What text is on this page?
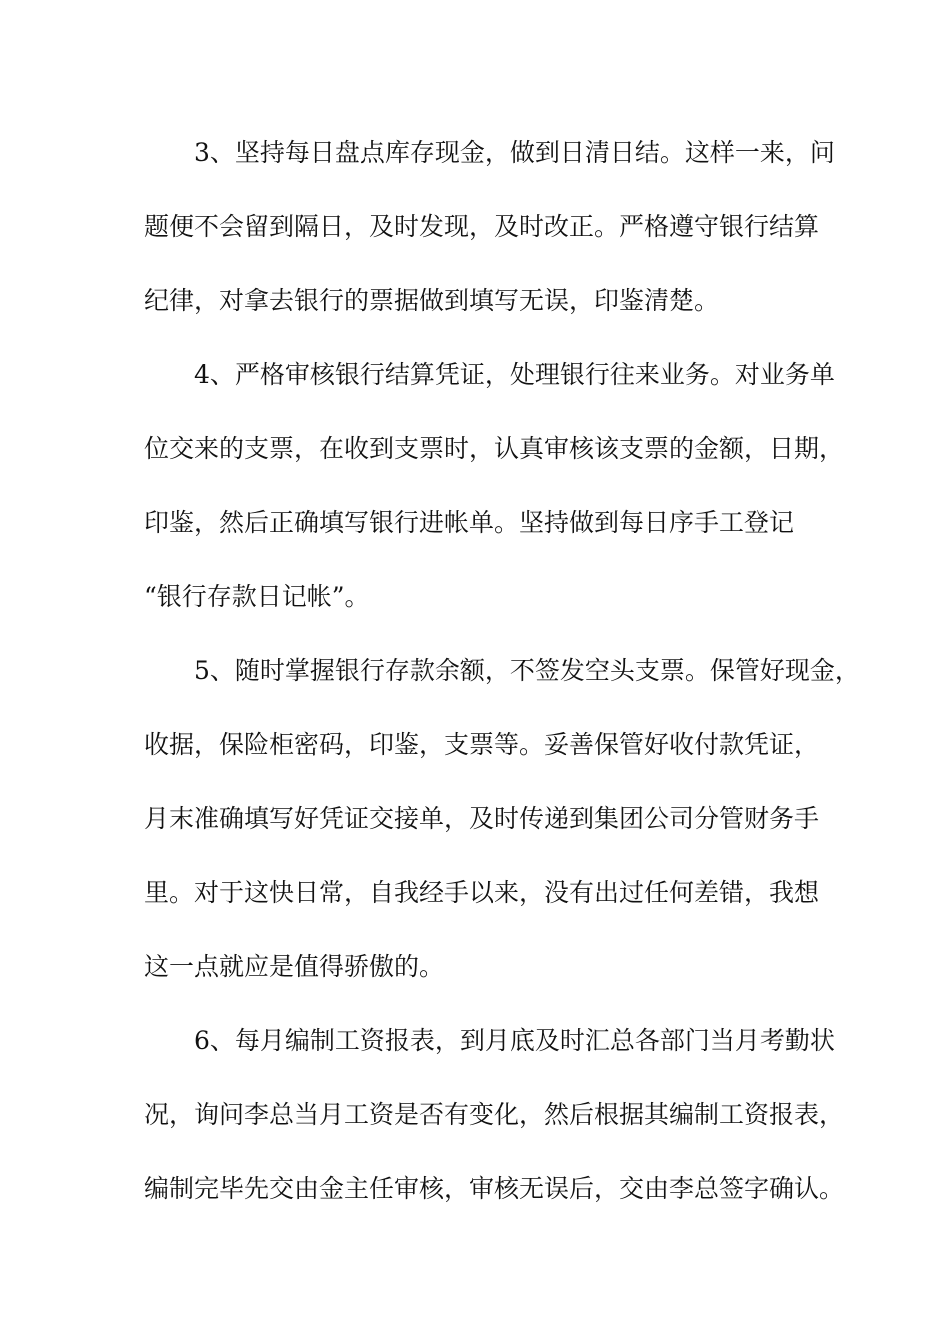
3、坚持每日盘点库存现金，做到日清日结。这样一来，问
题便不会留到隔日，及时发现，及时改正。严格遵守银行结算
纪律，对拿去银行的票据做到填写无误，印鉴清楚。
4、严格审核银行结算凭证，处理银行往来业务。对业务单
位交来的支票，在收到支票时，认真审核该支票的金额，日期，
印鉴，然后正确填写银行进帐单。坚持做到每日序手工登记
“银行存款日记帐”。
5、随时掌握银行存款余额，不签发空头支票。保管好现金，
收据，保险柜密码，印鉴，支票等。妥善保管好收付款凭证，
月末准确填写好凭证交接单，及时传递到集团公司分管财务手
里。对于这快日常，自我经手以来，没有出过任何差错，我想
这一点就应是值得骄傲的。
6、每月编制工资报表，到月底及时汇总各部门当月考勤状
况，询问李总当月工资是否有变化，然后根据其编制工资报表，
编制完毕先交由金主任审核，审核无误后，交由李总签字确认。
